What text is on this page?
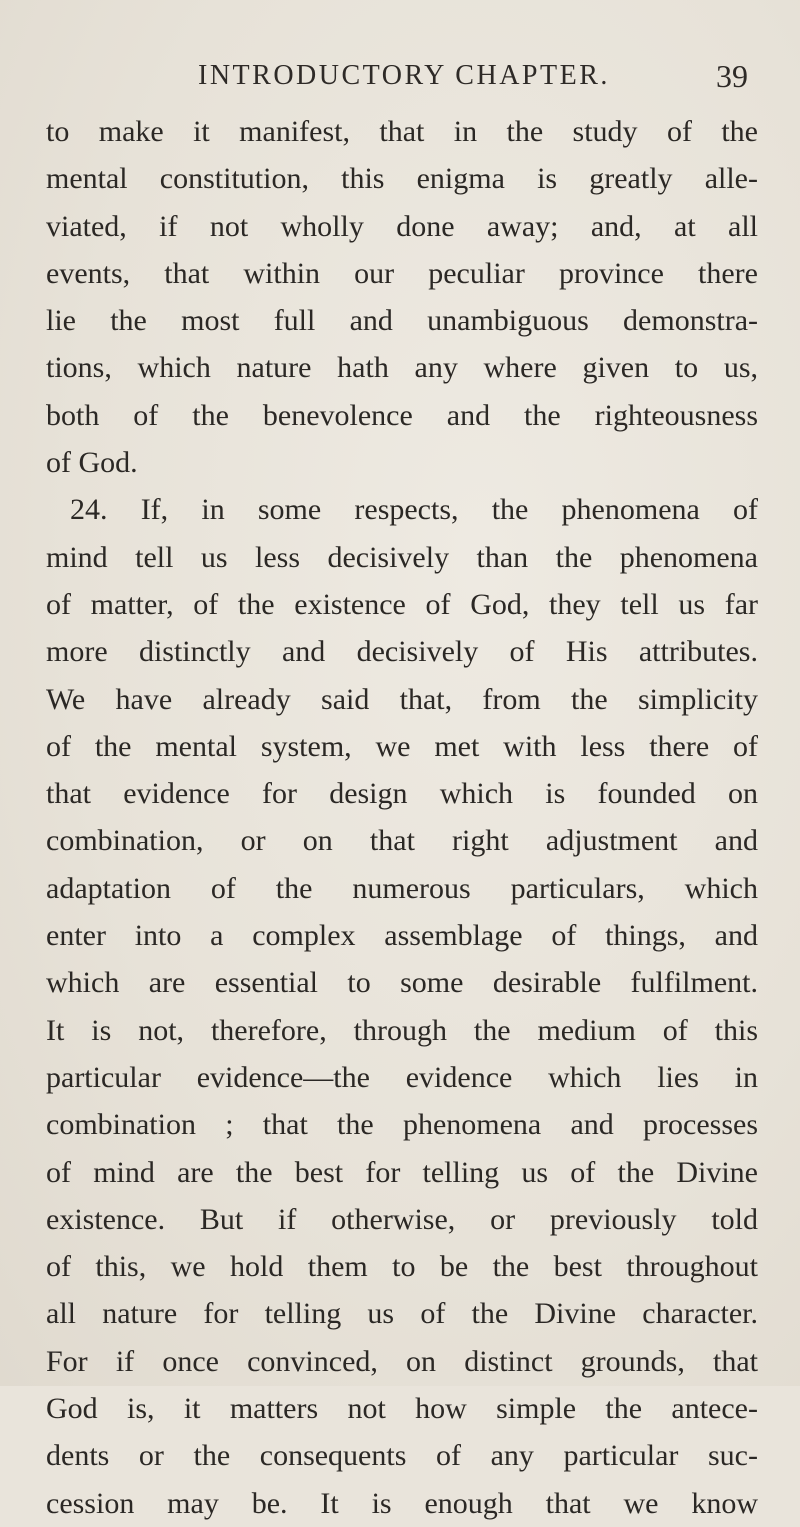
INTRODUCTORY CHAPTER.	39
to make it manifest, that in the study of the
mental constitution, this enigma is greatly alle-
viated, if not wholly done away; and, at all
events, that within our peculiar province there
lie the most full and unambiguous demonstra-
tions, which nature hath any where given to us,
both of the benevolence and the righteousness
of God.
24. If, in some respects, the phenomena of
mind tell us less decisively than the phenomena
of matter, of the existence of God, they tell us far
more distinctly and decisively of His attributes.
We have already said that, from the simplicity
of the mental system, we met with less there of
that evidence for design which is founded on
combination, or on that right adjustment and
adaptation of the numerous particulars, which
enter into a complex assemblage of things, and
which are essential to some desirable fulfilment.
It is not, therefore, through the medium of this
particular evidence—the evidence which lies in
combination ; that the phenomena and processes
of mind are the best for telling us of the Divine
existence. But if otherwise, or previously told
of this, we hold them to be the best throughout
all nature for telling us of the Divine character.
For if once convinced, on distinct grounds, that
God is, it matters not how simple the antece-
dents or the consequents of any particular suc-
cession may be. It is enough that we know
